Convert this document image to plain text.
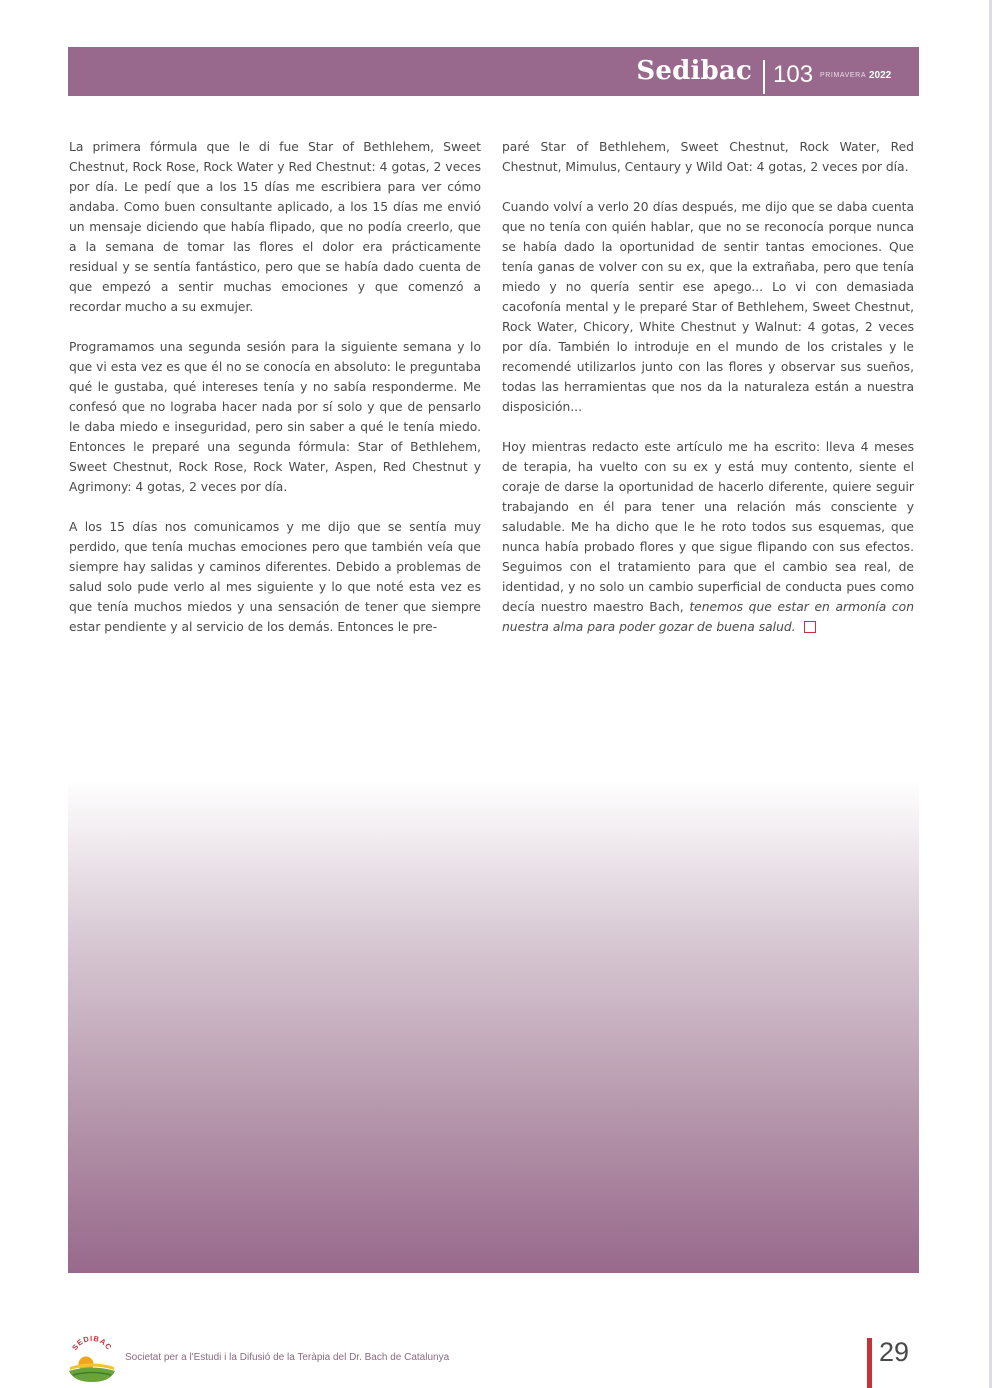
Sedibac 103 PRIMAVERA 2022

La primera fórmula que le di fue Star of Bethlehem, Sweet Chestnut, Rock Rose, Rock Water y Red Chestnut: 4 gotas, 2 veces por día. Le pedí que a los 15 días me escribiera para ver cómo andaba. Como buen consultante aplicado, a los 15 días me envió un mensaje diciendo que había flipado, que no podía creerlo, que a la semana de tomar las flores el dolor era prácticamente residual y se sentía fantástico, pero que se había dado cuenta de que empezó a sentir muchas emociones y que comenzó a recordar mucho a su exmujer.

Programamos una segunda sesión para la siguiente semana y lo que vi esta vez es que él no se conocía en absoluto: le preguntaba qué le gustaba, qué intereses tenía y no sabía responderme. Me confesó que no lograba hacer nada por sí solo y que de pensarlo le daba miedo e inseguridad, pero sin saber a qué le tenía miedo. Entonces le preparé una segunda fórmula: Star of Bethlehem, Sweet Chestnut, Rock Rose, Rock Water, Aspen, Red Chestnut y Agrimony: 4 gotas, 2 veces por día.

A los 15 días nos comunicamos y me dijo que se sentía muy perdido, que tenía muchas emociones pero que también veía que siempre hay salidas y caminos diferentes. Debido a problemas de salud solo pude verlo al mes siguiente y lo que noté esta vez es que tenía muchos miedos y una sensación de tener que siempre estar pendiente y al servicio de los demás. Entonces le pre-

paré Star of Bethlehem, Sweet Chestnut, Rock Water, Red Chestnut, Mimulus, Centaury y Wild Oat: 4 gotas, 2 veces por día.

Cuando volví a verlo 20 días después, me dijo que se daba cuenta que no tenía con quién hablar, que no se reconocía porque nunca se había dado la oportunidad de sentir tantas emociones. Que tenía ganas de volver con su ex, que la extrañaba, pero que tenía miedo y no quería sentir ese apego... Lo vi con demasiada cacofonía mental y le preparé Star of Bethlehem, Sweet Chestnut, Rock Water, Chicory, White Chestnut y Walnut: 4 gotas, 2 veces por día. También lo introduje en el mundo de los cristales y le recomendé utilizarlos junto con las flores y observar sus sueños, todas las herramientas que nos da la naturaleza están a nuestra disposición...

Hoy mientras redacto este artículo me ha escrito: lleva 4 meses de terapia, ha vuelto con su ex y está muy contento, siente el coraje de darse la oportunidad de hacerlo diferente, quiere seguir trabajando en él para tener una relación más consciente y saludable. Me ha dicho que le he roto todos sus esquemas, que nunca había probado flores y que sigue flipando con sus efectos. Seguimos con el tratamiento para que el cambio sea real, de identidad, y no solo un cambio superficial de conducta pues como decía nuestro maestro Bach, tenemos que estar en armonía con nuestra alma para poder gozar de buena salud.

SEDIBAC
Societat per a l'Estudi i la Difusió de la Teràpia del Dr. Bach de Catalunya	29
